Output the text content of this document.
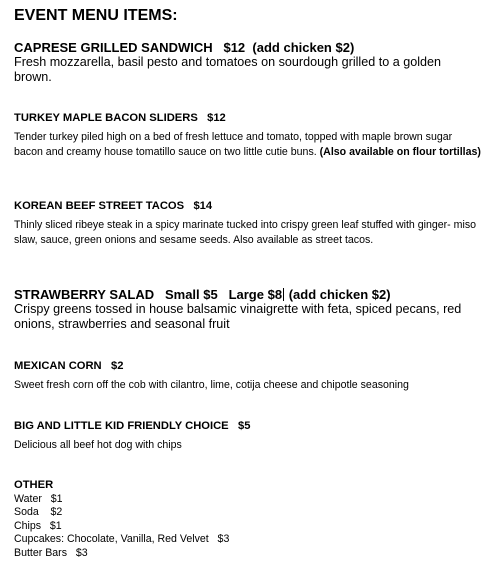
EVENT MENU ITEMS:
CAPRESE GRILLED SANDWICH $12 (add chicken $2)
Fresh mozzarella, basil pesto and tomatoes on sourdough grilled to a golden brown.
TURKEY MAPLE BACON SLIDERS $12
Tender turkey piled high on a bed of fresh lettuce and tomato, topped with maple brown sugar bacon and creamy house tomatillo sauce on two little cutie buns. (Also available on flour tortillas)
KOREAN BEEF STREET TACOS $14
Thinly sliced ribeye steak in a spicy marinate tucked into crispy green leaf stuffed with ginger- miso slaw, sauce, green onions and sesame seeds. Also available as street tacos.
STRAWBERRY SALAD Small $5 Large $8 (add chicken $2)
Crispy greens tossed in house balsamic vinaigrette with feta, spiced pecans, red onions, strawberries and seasonal fruit
MEXICAN CORN $2
Sweet fresh corn off the cob with cilantro, lime, cotija cheese and chipotle seasoning
BIG AND LITTLE KID FRIENDLY CHOICE $5
Delicious all beef hot dog with chips
OTHER
Water   $1
Soda    $2
Chips   $1
Cupcakes: Chocolate, Vanilla, Red Velvet   $3
Butter Bars   $3
